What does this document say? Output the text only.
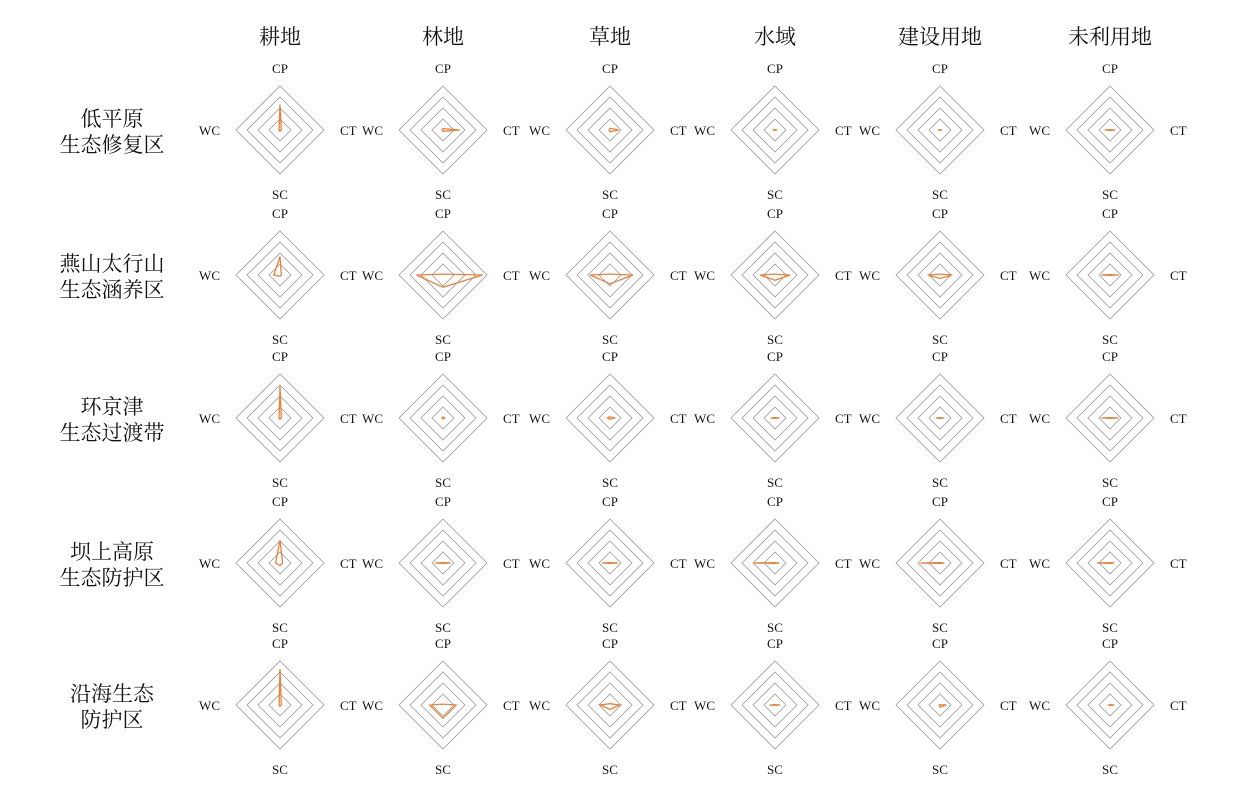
耕地	林地	草地	水域	建设用地	未利用地
低平原
生态修复区
燕山太行山
生态涵养区
环京津
生态过渡带
坝上高原
生态防护区
沿海生态
防护区
CP
CT
SC
WC
CP
CT
SC
WC
CP
CT
SC
WC
CP
CT
SC
WC
CP
CT
SC
WC
CP
CT
SC
WC
CP
CT
SC
WC
CP
CT
SC
WC
CP
CT
SC
WC
CP
CT
SC
WC
CP
CT
SC
WC
CP
CT
SC
WC
CP
CT
SC
WC
CP
CT
SC
WC
CP
CT
SC
WC
CP
CT
SC
WC
CP
CT
SC
WC
CP
CT
SC
WC
CP
CT
SC
WC
CP
CT
SC
WC
CP
CT
SC
WC
CP
CT
SC
WC
CP
CT
SC
WC
CP
CT
SC
WC
CP
CT
SC
WC
CP
CT
SC
WC
CP
CT
SC
WC
CP
CT
SC
WC
CP
CT
SC
WC
CP
CT
SC
WC
